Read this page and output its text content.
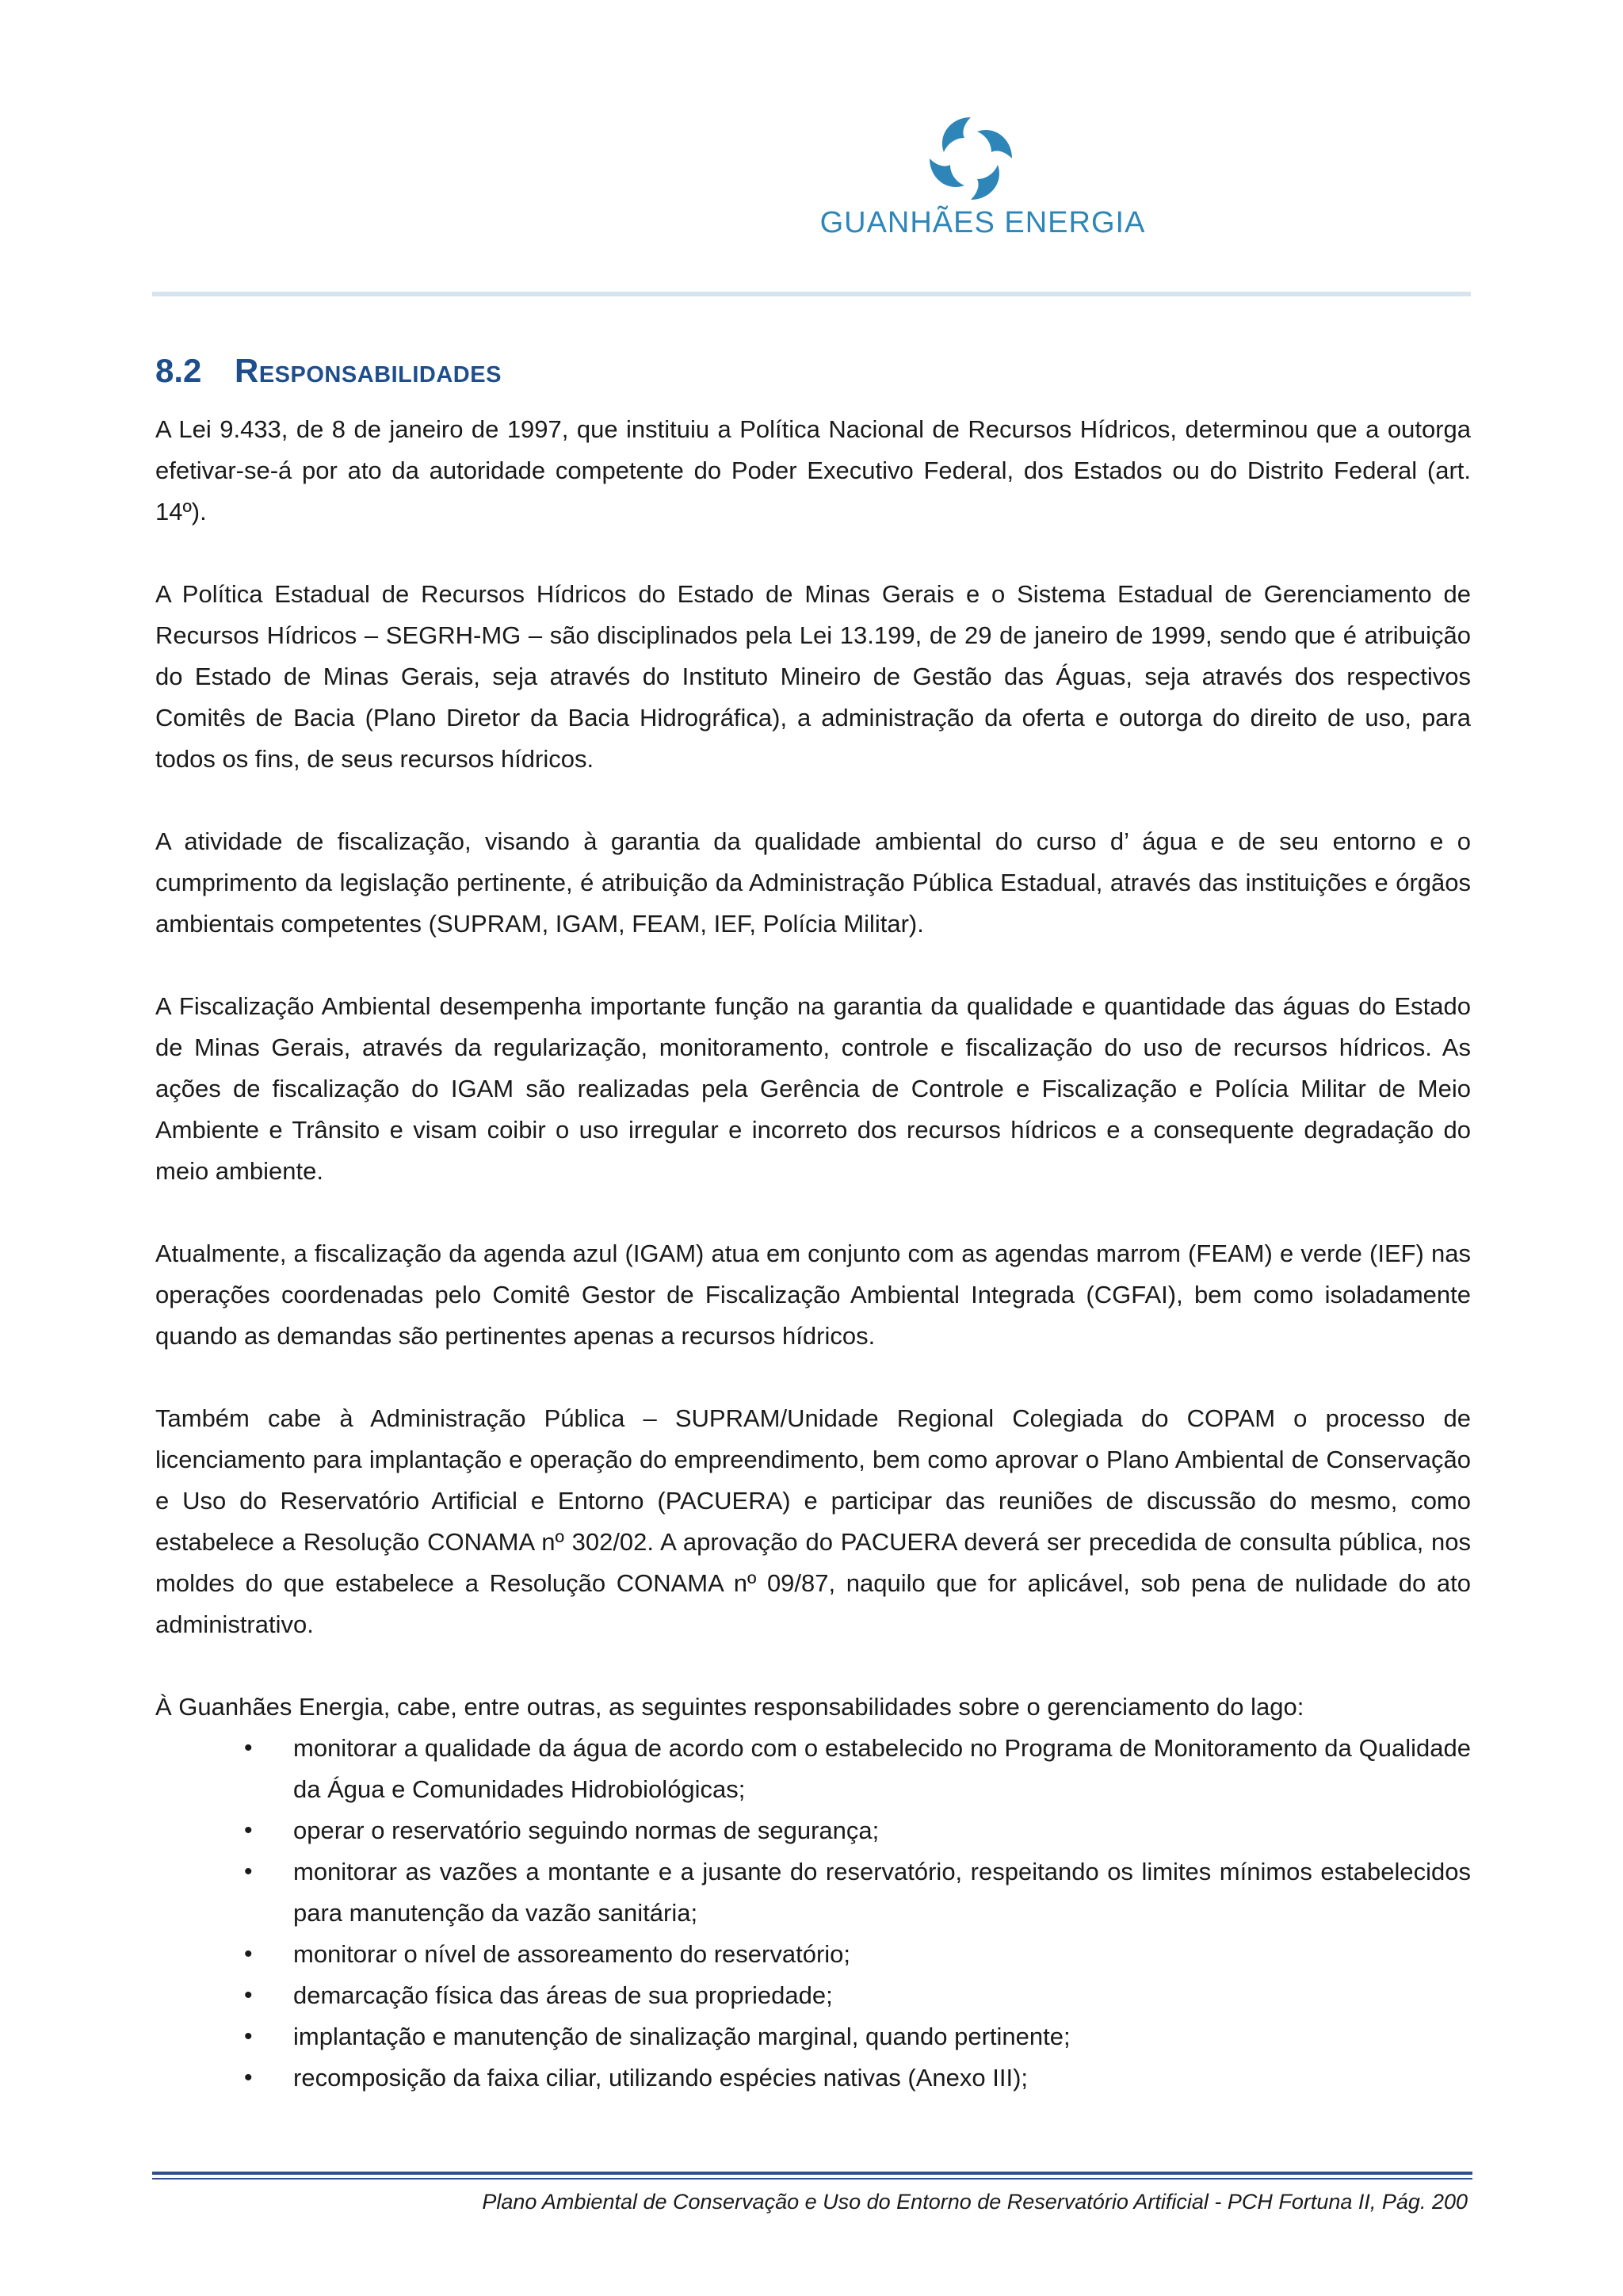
GUANHÃES ENERGIA
8.2 Responsabilidades

A Lei 9.433, de 8 de janeiro de 1997, que instituiu a Política Nacional de Recursos Hídricos, determinou que a outorga efetivar-se-á por ato da autoridade competente do Poder Executivo Federal, dos Estados ou do Distrito Federal (art. 14º).

A Política Estadual de Recursos Hídricos do Estado de Minas Gerais e o Sistema Estadual de Gerenciamento de Recursos Hídricos – SEGRH-MG – são disciplinados pela Lei 13.199, de 29 de janeiro de 1999, sendo que é atribuição do Estado de Minas Gerais, seja através do Instituto Mineiro de Gestão das Águas, seja através dos respectivos Comitês de Bacia (Plano Diretor da Bacia Hidrográfica), a administração da oferta e outorga do direito de uso, para todos os fins, de seus recursos hídricos.

A atividade de fiscalização, visando à garantia da qualidade ambiental do curso d’ água e de seu entorno e o cumprimento da legislação pertinente, é atribuição da Administração Pública Estadual, através das instituições e órgãos ambientais competentes (SUPRAM, IGAM, FEAM, IEF, Polícia Militar).

A Fiscalização Ambiental desempenha importante função na garantia da qualidade e quantidade das águas do Estado de Minas Gerais, através da regularização, monitoramento, controle e fiscalização do uso de recursos hídricos. As ações de fiscalização do IGAM são realizadas pela Gerência de Controle e Fiscalização e Polícia Militar de Meio Ambiente e Trânsito e visam coibir o uso irregular e incorreto dos recursos hídricos e a consequente degradação do meio ambiente.

Atualmente, a fiscalização da agenda azul (IGAM) atua em conjunto com as agendas marrom (FEAM) e verde (IEF) nas operações coordenadas pelo Comitê Gestor de Fiscalização Ambiental Integrada (CGFAI), bem como isoladamente quando as demandas são pertinentes apenas a recursos hídricos.

Também cabe à Administração Pública – SUPRAM/Unidade Regional Colegiada do COPAM o processo de licenciamento para implantação e operação do empreendimento, bem como aprovar o Plano Ambiental de Conservação e Uso do Reservatório Artificial e Entorno (PACUERA) e participar das reuniões de discussão do mesmo, como estabelece a Resolução CONAMA nº 302/02. A aprovação do PACUERA deverá ser precedida de consulta pública, nos moldes do que estabelece a Resolução CONAMA nº 09/87, naquilo que for aplicável, sob pena de nulidade do ato administrativo.

À Guanhães Energia, cabe, entre outras, as seguintes responsabilidades sobre o gerenciamento do lago:

• monitorar a qualidade da água de acordo com o estabelecido no Programa de Monitoramento da Qualidade da Água e Comunidades Hidrobiológicas;
• operar o reservatório seguindo normas de segurança;
• monitorar as vazões a montante e a jusante do reservatório, respeitando os limites mínimos estabelecidos para manutenção da vazão sanitária;
• monitorar o nível de assoreamento do reservatório;
• demarcação física das áreas de sua propriedade;
• implantação e manutenção de sinalização marginal, quando pertinente;
• recomposição da faixa ciliar, utilizando espécies nativas (Anexo III);
Plano Ambiental de Conservação e Uso do Entorno de Reservatório Artificial - PCH Fortuna II, Pág. 200
